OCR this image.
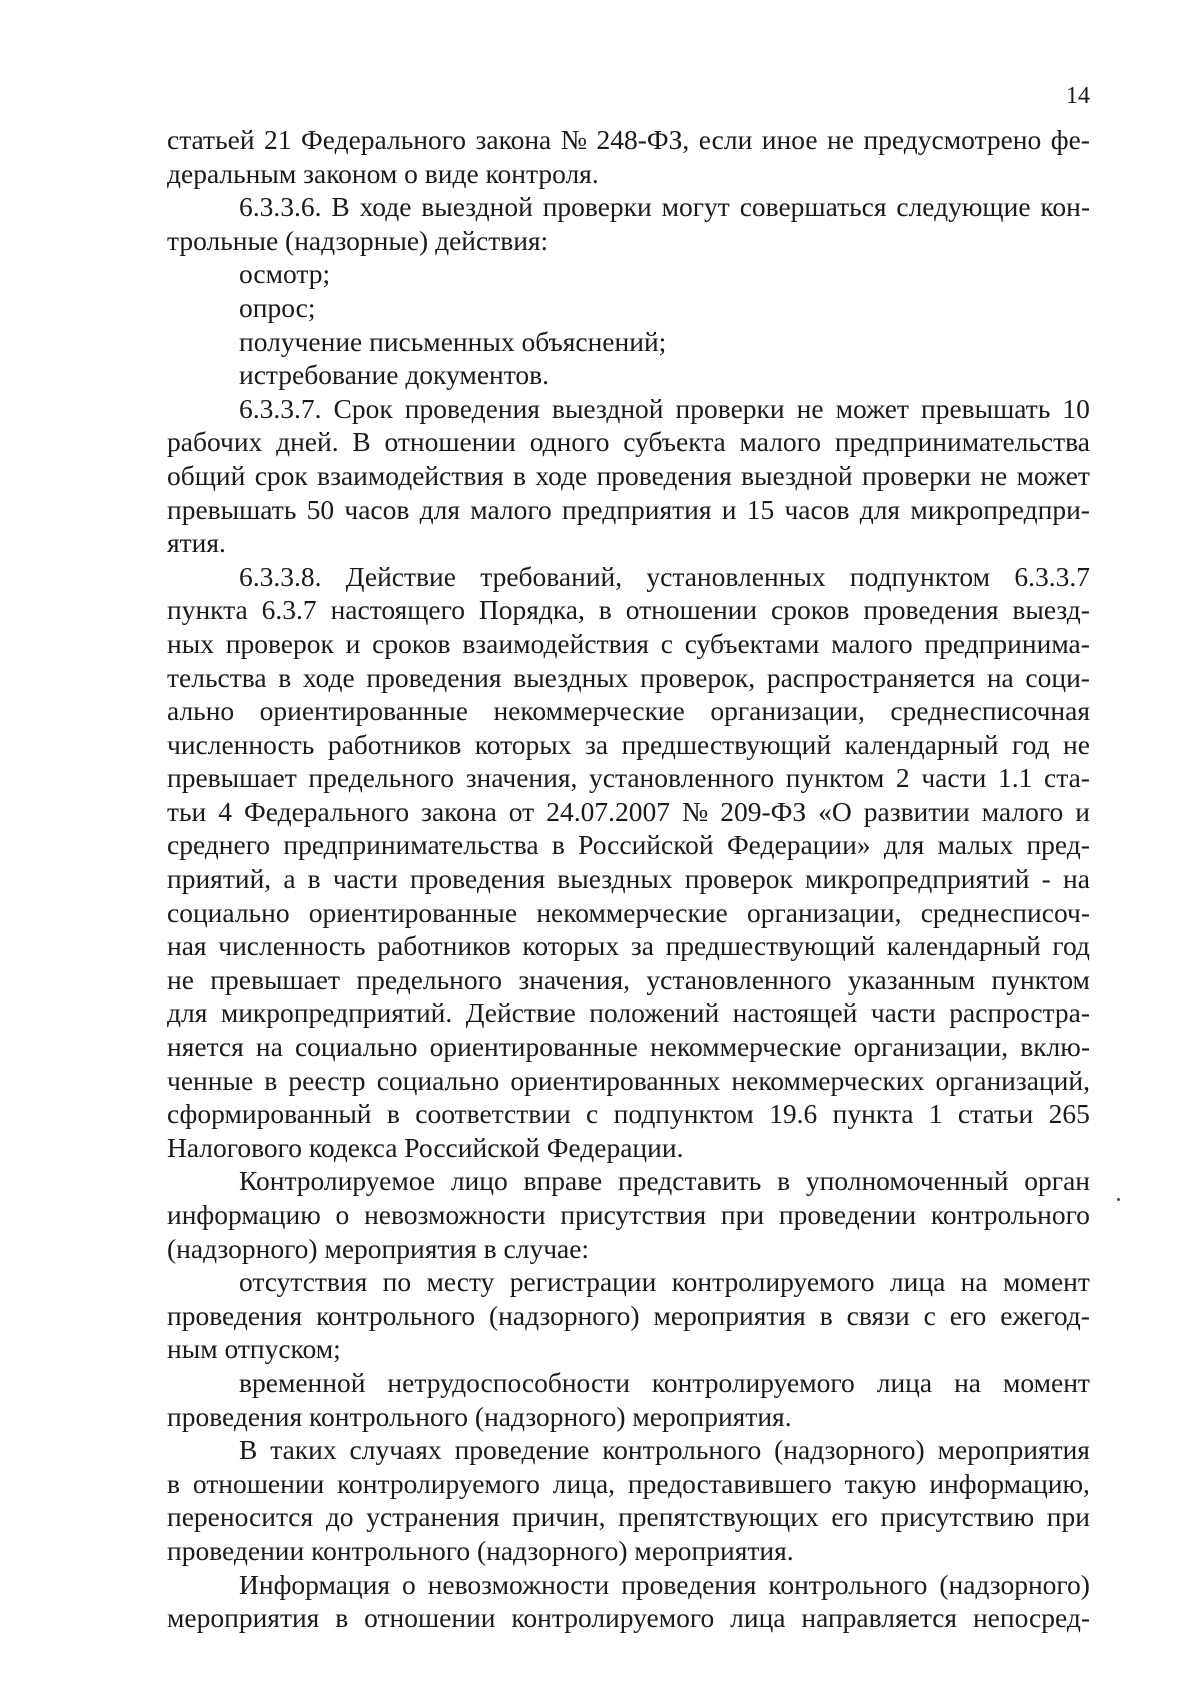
14
статьей 21 Федерального закона № 248-ФЗ, если иное не предусмотрено фе-
деральным законом о виде контроля.
6.3.3.6. В ходе выездной проверки могут совершаться следующие кон-
трольные (надзорные) действия:
осмотр;
опрос;
получение письменных объяснений;
истребование документов.
6.3.3.7. Срок проведения выездной проверки не может превышать 10
рабочих дней. В отношении одного субъекта малого предпринимательства
общий срок взаимодействия в ходе проведения выездной проверки не может
превышать 50 часов для малого предприятия и 15 часов для микропредпри-
ятия.
6.3.3.8. Действие требований, установленных подпунктом 6.3.3.7
пункта 6.3.7 настоящего Порядка, в отношении сроков проведения выезд-
ных проверок и сроков взаимодействия с субъектами малого предпринима-
тельства в ходе проведения выездных проверок, распространяется на соци-
ально ориентированные некоммерческие организации, среднесписочная
численность работников которых за предшествующий календарный год не
превышает предельного значения, установленного пунктом 2 части 1.1 ста-
тьи 4 Федерального закона от 24.07.2007 № 209-ФЗ «О развитии малого и
среднего предпринимательства в Российской Федерации» для малых пред-
приятий, а в части проведения выездных проверок микропредприятий - на
социально ориентированные некоммерческие организации, среднесписоч-
ная численность работников которых за предшествующий календарный год
не превышает предельного значения, установленного указанным пунктом
для микропредприятий. Действие положений настоящей части распростра-
няется на социально ориентированные некоммерческие организации, вклю-
ченные в реестр социально ориентированных некоммерческих организаций,
сформированный в соответствии с подпунктом 19.6 пункта 1 статьи 265
Налогового кодекса Российской Федерации.
Контролируемое лицо вправе представить в уполномоченный орган
информацию о невозможности присутствия при проведении контрольного
(надзорного) мероприятия в случае:
отсутствия по месту регистрации контролируемого лица на момент
проведения контрольного (надзорного) мероприятия в связи с его ежегод-
ным отпуском;
временной нетрудоспособности контролируемого лица на момент
проведения контрольного (надзорного) мероприятия.
В таких случаях проведение контрольного (надзорного) мероприятия
в отношении контролируемого лица, предоставившего такую информацию,
переносится до устранения причин, препятствующих его присутствию при
проведении контрольного (надзорного) мероприятия.
Информация о невозможности проведения контрольного (надзорного)
мероприятия в отношении контролируемого лица направляется непосред-
